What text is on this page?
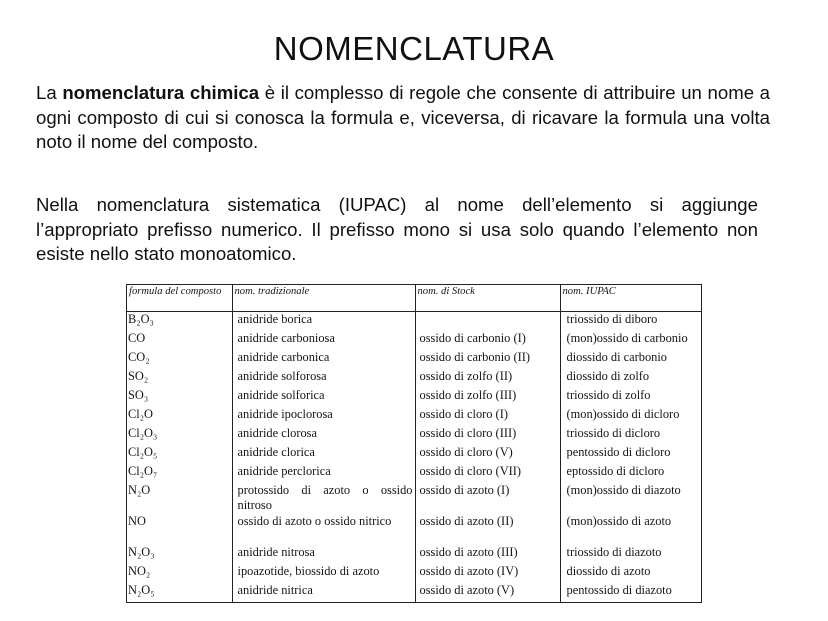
NOMENCLATURA
La nomenclatura chimica è il complesso di regole che consente di attribuire un nome a ogni composto di cui si conosca la formula e, viceversa, di ricavare la formula una volta noto il nome del composto.
Nella nomenclatura sistematica (IUPAC) al nome dell’elemento si aggiunge l’appropriato prefisso numerico. Il prefisso mono si usa solo quando l’elemento non esiste nello stato monoatomico.
formula del composto	nom. tradizionale	nom. di Stock	nom. IUPAC
B₂O₃	anidride borica		triossido di diboro
CO	anidride carboniosa	ossido di carbonio (I)	(mon)ossido di carbonio
CO₂	anidride carbonica	ossido di carbonio (II)	diossido di carbonio
SO₂	anidride solforosa	ossido di zolfo (II)	diossido di zolfo
SO₃	anidride solforica	ossido di zolfo (III)	triossido di zolfo
Cl₂O	anidride ipoclorosa	ossido di cloro (I)	(mon)ossido di dicloro
Cl₂O₃	anidride clorosa	ossido di cloro (III)	triossido di dicloro
Cl₂O₅	anidride clorica	ossido di cloro (V)	pentossido di dicloro
Cl₂O₇	anidride perclorica	ossido di cloro (VII)	eptossido di dicloro
N₂O	protossido di azoto o ossido nitroso	ossido di azoto (I)	(mon)ossido di diazoto
NO	ossido di azoto o ossido nitrico	ossido di azoto (II)	(mon)ossido di azoto
N₂O₃	anidride nitrosa	ossido di azoto (III)	triossido di diazoto
NO₂	ipoazotide, biossido di azoto	ossido di azoto (IV)	diossido di azoto
N₂O₅	anidride nitrica	ossido di azoto (V)	pentossido di diazoto
